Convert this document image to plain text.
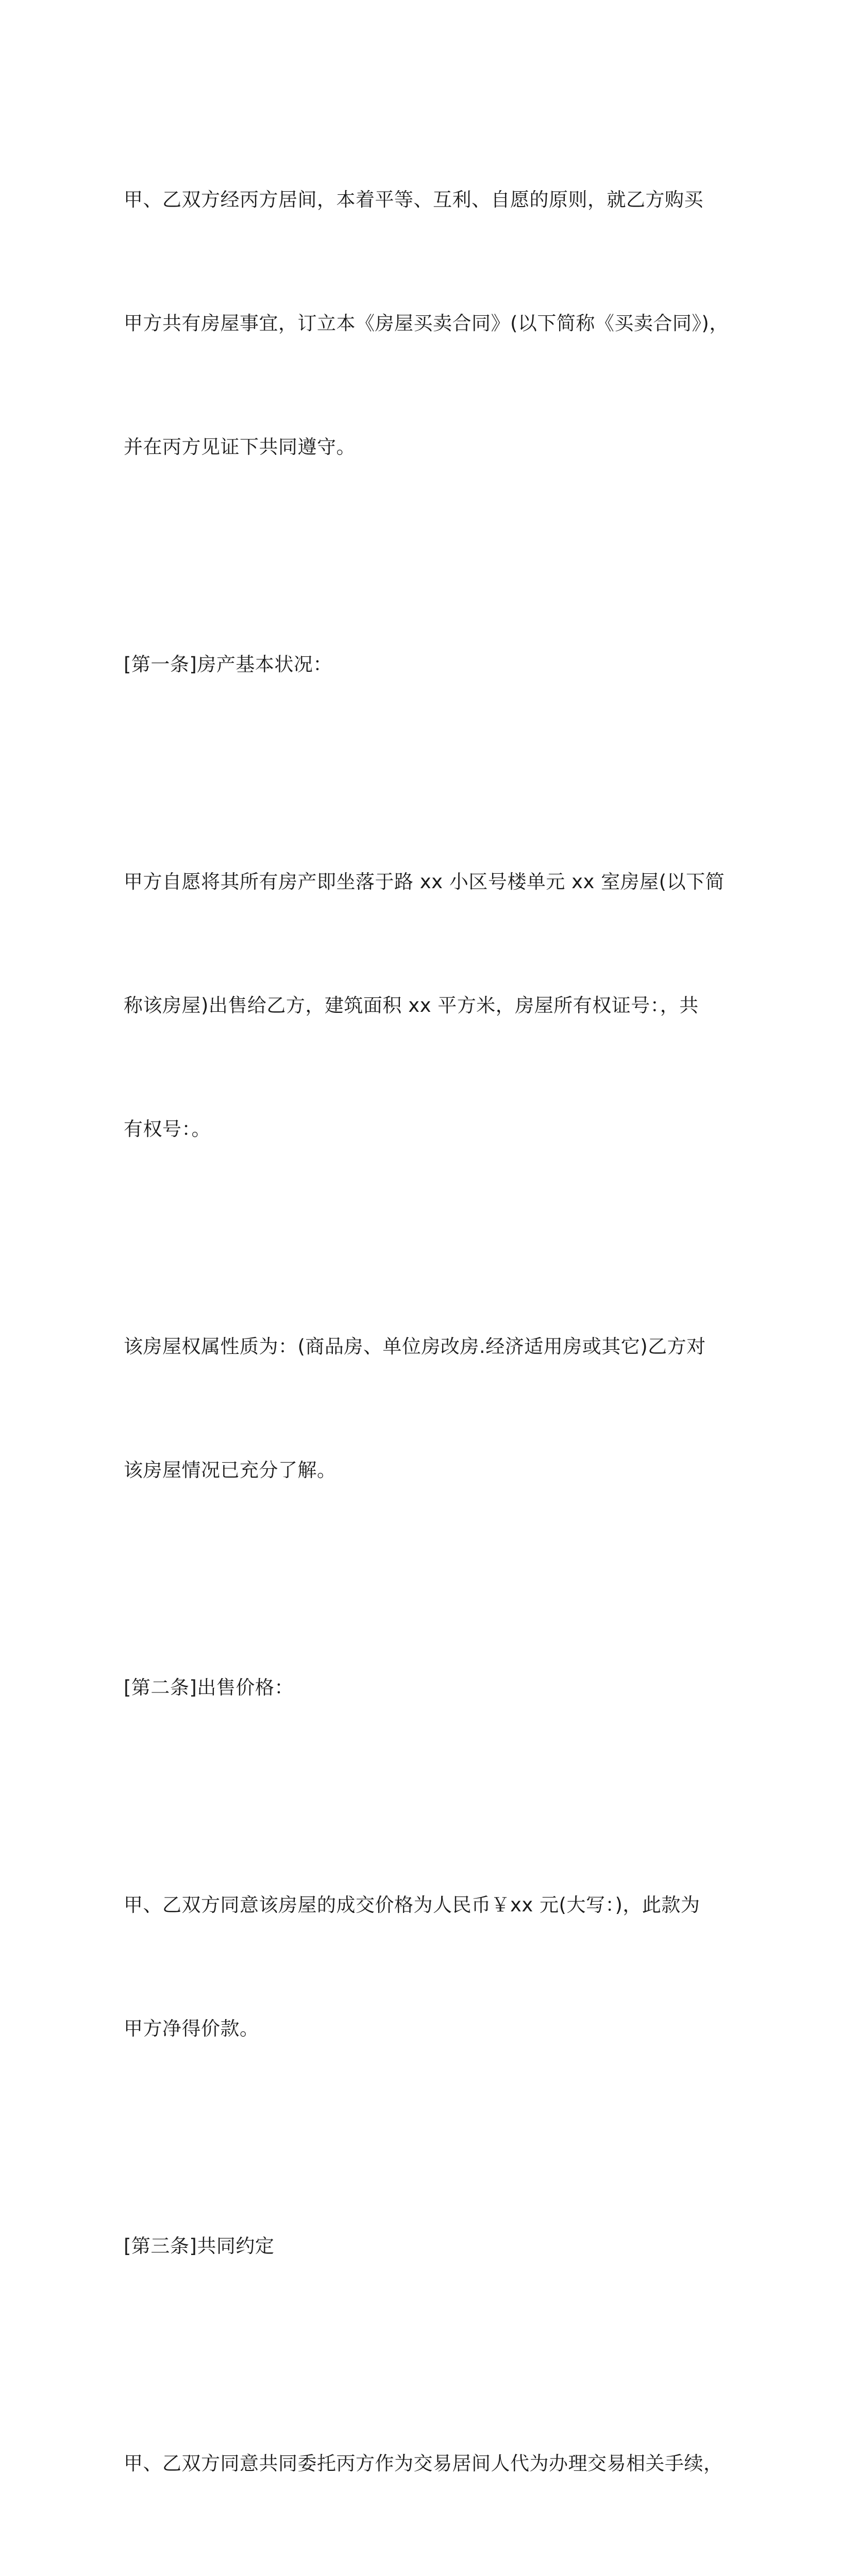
甲、乙双方经丙方居间，本着平等、互利、自愿的原则，就乙方购买

甲方共有房屋事宜，订立本《房屋买卖合同》(以下简称《买卖合同》)，

并在丙方见证下共同遵守。

[第一条]房产基本状况：

甲方自愿将其所有房产即坐落于路 xx 小区号楼单元 xx 室房屋(以下简

称该房屋)出售给乙方，建筑面积 xx 平方米，房屋所有权证号：，共

有权号：。

该房屋权属性质为：(商品房、单位房改房.经济适用房或其它)乙方对

该房屋情况已充分了解。

[第二条]出售价格：

甲、乙双方同意该房屋的成交价格为人民币￥xx 元(大写：)，此款为

甲方净得价款。

[第三条]共同约定

甲、乙双方同意共同委托丙方作为交易居间人代为办理交易相关手续，
